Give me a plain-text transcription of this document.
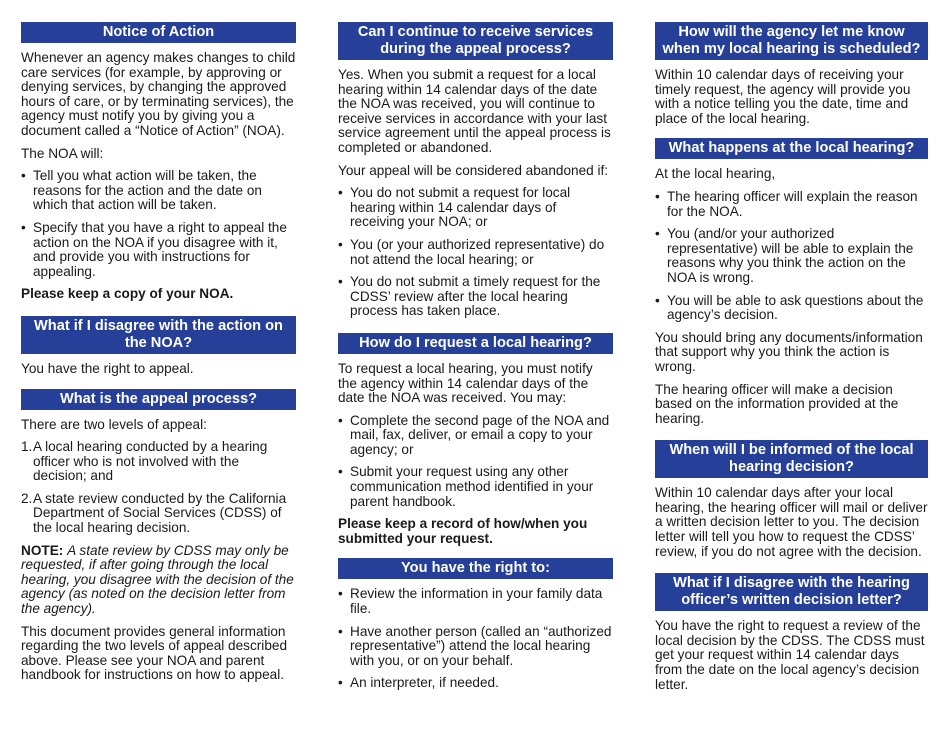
Notice of Action

Whenever an agency makes changes to child care services (for example, by approving or denying services, by changing the approved hours of care, or by terminating services), the agency must notify you by giving you a document called a “Notice of Action” (NOA).

The NOA will:

• Tell you what action will be taken, the reasons for the action and the date on which that action will be taken.
• Specify that you have a right to appeal the action on the NOA if you disagree with it, and provide you with instructions for appealing.

Please keep a copy of your NOA.

What if I disagree with the action on the NOA?

You have the right to appeal.

What is the appeal process?

There are two levels of appeal:

1. A local hearing conducted by a hearing officer who is not involved with the decision; and
2. A state review conducted by the California Department of Social Services (CDSS) of the local hearing decision.

NOTE: A state review by CDSS may only be requested, if after going through the local hearing, you disagree with the decision of the agency (as noted on the decision letter from the agency).

This document provides general information regarding the two levels of appeal described above. Please see your NOA and parent handbook for instructions on how to appeal.

Can I continue to receive services during the appeal process?

Yes. When you submit a request for a local hearing within 14 calendar days of the date the NOA was received, you will continue to receive services in accordance with your last service agreement until the appeal process is completed or abandoned.

Your appeal will be considered abandoned if:

• You do not submit a request for local hearing within 14 calendar days of receiving your NOA; or
• You (or your authorized representative) do not attend the local hearing; or
• You do not submit a timely request for the CDSS’ review after the local hearing process has taken place.
How do I request a local hearing?

To request a local hearing, you must notify the agency within 14 calendar days of the date the NOA was received. You may:

• Complete the second page of the NOA and mail, fax, deliver, or email a copy to your agency; or
• Submit your request using any other communication method identified in your parent handbook.

Please keep a record of how/when you submitted your request.

You have the right to:
• Review the information in your family data file.
• Have another person (called an “authorized representative”) attend the local hearing with you, or on your behalf.
• An interpreter, if needed.
How will the agency let me know when my local hearing is scheduled?

Within 10 calendar days of receiving your timely request, the agency will provide you with a notice telling you the date, time and place of the local hearing.

What happens at the local hearing?

At the local hearing,

• The hearing officer will explain the reason for the NOA.
• You (and/or your authorized representative) will be able to explain the reasons why you think the action on the NOA is wrong.
• You will be able to ask questions about the agency’s decision.

You should bring any documents/information that support why you think the action is wrong.

The hearing officer will make a decision based on the information provided at the hearing.

When will I be informed of the local hearing decision?

Within 10 calendar days after your local hearing, the hearing officer will mail or deliver a written decision letter to you. The decision letter will tell you how to request the CDSS’ review, if you do not agree with the decision.

What if I disagree with the hearing officer’s written decision letter?

You have the right to request a review of the local decision by the CDSS. The CDSS must get your request within 14 calendar days from the date on the local agency’s decision letter.
